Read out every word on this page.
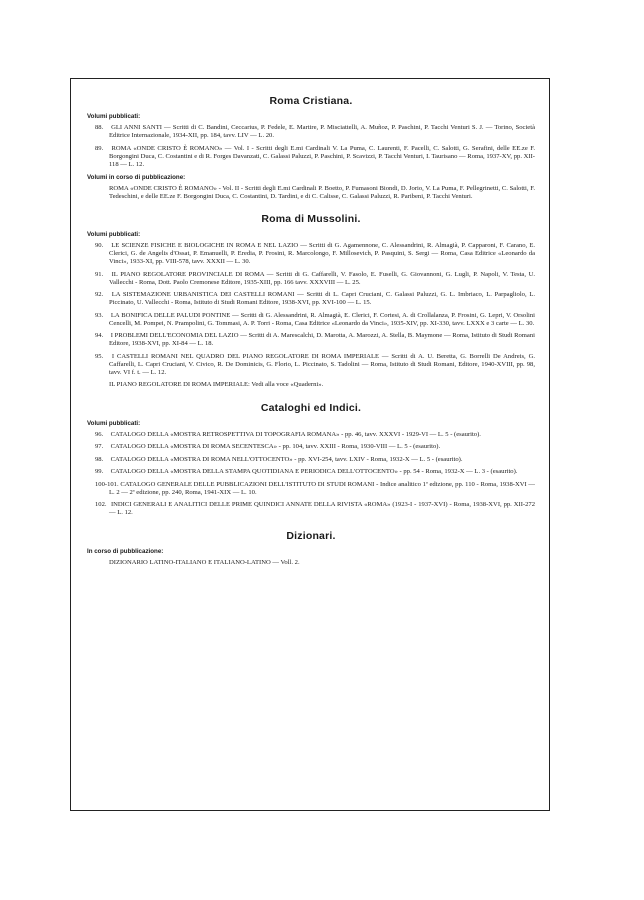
Roma Cristiana.
Volumi pubblicati:
88. GLI ANNI SANTI — Scritti di C. Bandini, Ceccarius, P. Fedele, E. Martire, P. Misciattelli, A. Muñoz, P. Paschini, P. Tacchi Venturi S. J. — Torino, Società Editrice Internazionale, 1934-XII, pp. 184, tavv. LIV — L. 20.
89. ROMA «ONDE CRISTO È ROMANO» — Vol. I - Scritti degli E.mi Cardinali V. La Puma, C. Laurenti, F. Pacelli, C. Salotti, G. Serafini, delle EE.ze F. Borgongini Duca, C. Costantini e di R. Forges Davanzati, C. Galassi Paluzzi, P. Paschini, P. Scavizzi, P. Tacchi Venturi, I. Taurisano — Roma, 1937-XV, pp. XII-118 — L. 12.
Volumi in corso di pubblicazione:
ROMA «ONDE CRISTO È ROMANO» - Vol. II - Scritti degli E.mi Cardinali P. Boetto, P. Fumasoni Biondi, D. Jorio, V. La Puma, F. Pellegrinetti, C. Salotti, F. Tedeschini, e delle EE.ze F. Borgongini Duca, C. Costantini, D. Tardini, e di C. Calisse, C. Galassi Paluzzi, R. Paribeni, P. Tacchi Venturi.
Roma di Mussolini.
Volumi pubblicati:
90. LE SCIENZE FISICHE E BIOLOGICHE IN ROMA E NEL LAZIO — Scritti di G. Agamennone, C. Alessandrini, R. Almagià, P. Capparoni, F. Carano, E. Clerici, G. de Angelis d'Ossat, P. Emanuelli, P. Eredia, P. Frosini, R. Marcolongo, F. Millosevich, P. Pasquini, S. Sergi — Roma, Casa Editrice «Leonardo da Vinci», 1933-XI, pp. VIII-578, tavv. XXXII — L. 30.
91. IL PIANO REGOLATORE PROVINCIALE DI ROMA — Scritti di G. Caffarelli, V. Fasolo, E. Fuselli, G. Giovannoni, G. Lugli, P. Napoli, V. Testa, U. Vallecchi - Roma, Dott. Paolo Cremonese Editore, 1935-XIII, pp. 166 tavv. XXXVIII — L. 25.
92. LA SISTEMAZIONE URBANISTICA DEI CASTELLI ROMANI — Scritti di L. Capri Cruciani, C. Galassi Paluzzi, G. L. Imbriaco, L. Parpagliolo, L. Piccinato, U. Vallecchi - Roma, Istituto di Studi Romani Editore, 1938-XVI, pp. XVI-100 — L. 15.
93. LA BONIFICA DELLE PALUDI PONTINE — Scritti di G. Alessandrini, R. Almagià, E. Clerici, F. Cortesi, A. di Crollalanza, P. Frosini, G. Lepri, V. Orsolini Cencelli, M. Pompei, N. Prampolini, G. Tommasi, A. P. Torri - Roma, Casa Editrice «Leonardo da Vinci», 1935-XIV, pp. XI-330, tavv. LXXX e 3 carte — L. 30.
94. I PROBLEMI DELL'ECONOMIA DEL LAZIO — Scritti di A. Marescalchi, D. Marotta, A. Marozzi, A. Stella, B. Maymone — Roma, Istituto di Studi Romani Editore, 1938-XVI, pp. XI-84 — L. 18.
95. I CASTELLI ROMANI NEL QUADRO DEL PIANO REGOLATORE DI ROMA IMPERIALE — Scritti di A. U. Beretta, G. Borrelli De Andreis, G. Caffarelli, L. Capri Cruciani, V. Civico, R. De Dominicis, G. Florio, L. Piccinato, S. Tadolini — Roma, Istituto di Studi Romani, Editore, 1940-XVIII, pp. 98, tavv. VI f. t. — L. 12.
IL PIANO REGOLATORE DI ROMA IMPERIALE: Vedi alla voce «Quaderni».
Cataloghi ed Indici.
Volumi pubblicati:
96. CATALOGO DELLA «MOSTRA RETROSPETTIVA DI TOPOGRAFIA ROMANA» - pp. 46, tavv. XXXVI - 1929-VI — L. 5 - (esaurito).
97. CATALOGO DELLA «MOSTRA DI ROMA SECENTESCA» - pp. 104, tavv. XXIII - Roma, 1930-VIII — L. 5 - (esaurito).
98. CATALOGO DELLA «MOSTRA DI ROMA NELL'OTTOCENTO» - pp. XVI-254, tavv. LXIV - Roma, 1932-X — L. 5 - (esaurito).
99. CATALOGO DELLA «MOSTRA DELLA STAMPA QUOTIDIANA E PERIODICA DELL'OTTOCENTO» - pp. 54 - Roma, 1932-X — L. 3 - (esaurito).
100-101. CATALOGO GENERALE DELLE PUBBLICAZIONI DELL'ISTITUTO DI STUDI ROMANI - Indice analitico 1ª edizione, pp. 110 - Roma, 1938-XVI — L. 2 — 2ª edizione, pp. 240, Roma, 1941-XIX — L. 10.
102. INDICI GENERALI E ANALITICI DELLE PRIME QUINDICI ANNATE DELLA RIVISTA «ROMA» (1923-I - 1937-XVI) - Roma, 1938-XVI, pp. XII-272 — L. 12.
Dizionari.
In corso di pubblicazione:
DIZIONARIO LATINO-ITALIANO E ITALIANO-LATINO — Voll. 2.
